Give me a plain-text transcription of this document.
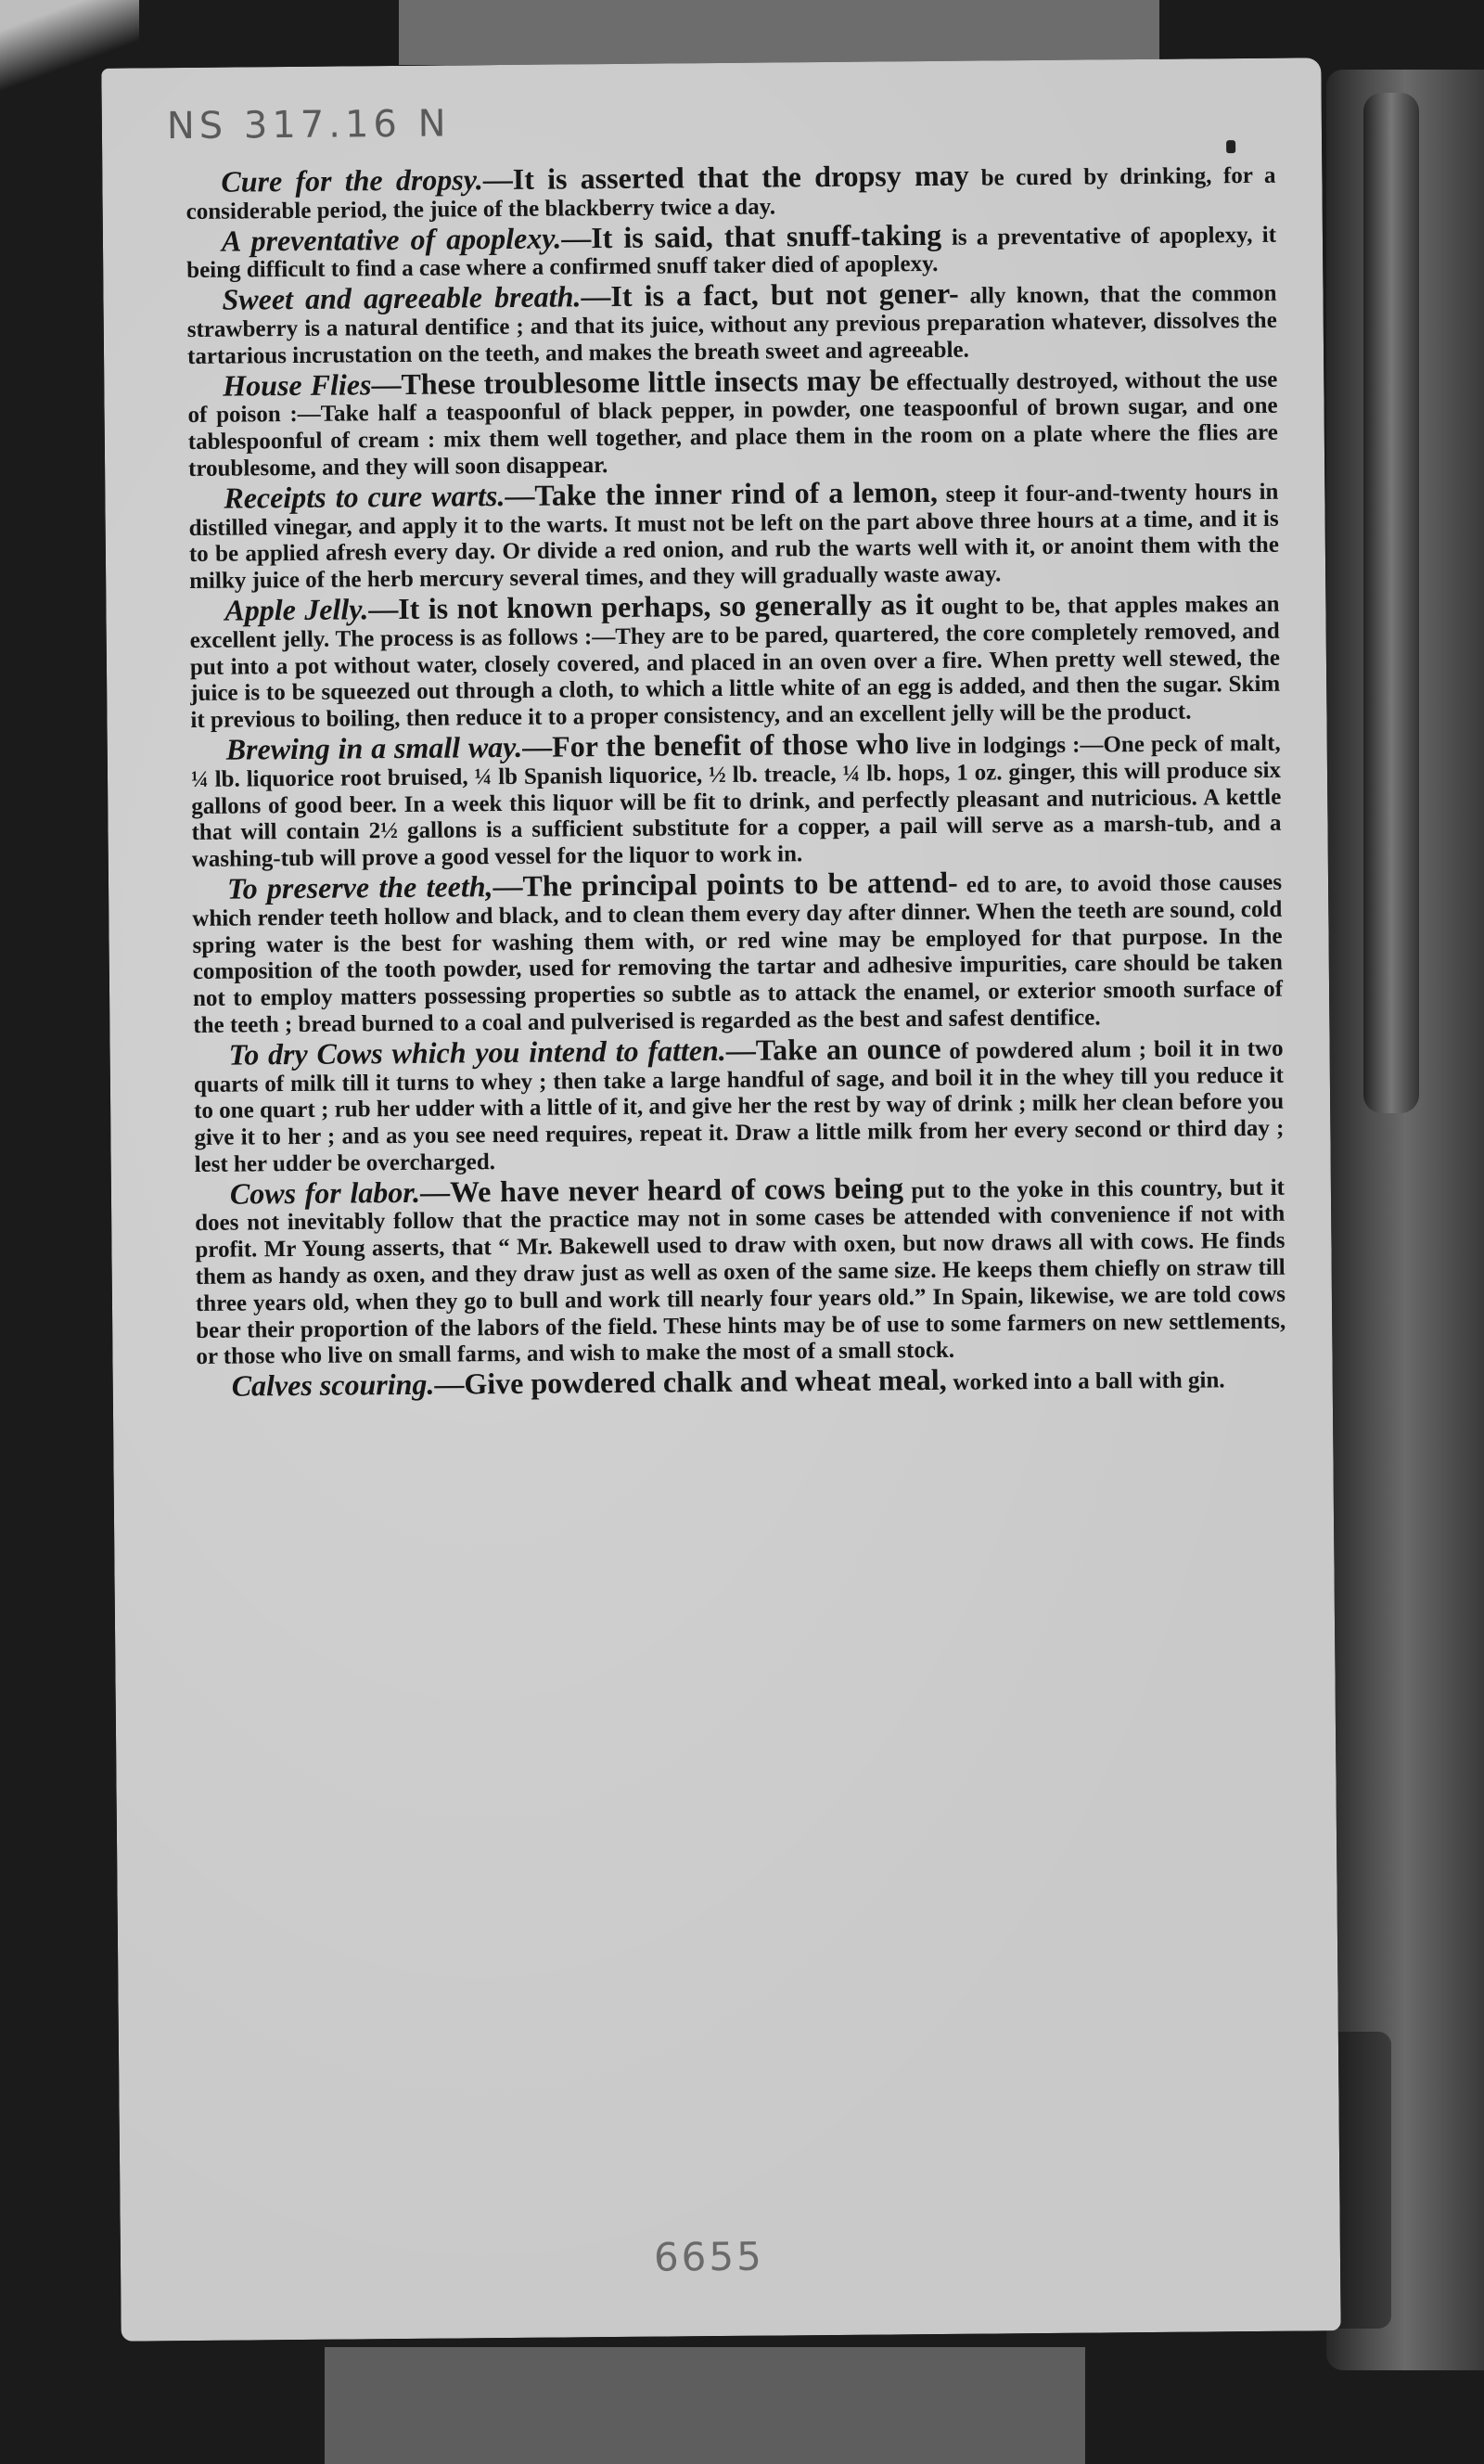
NS 317.16 N

Cure for the dropsy.—It is asserted that the dropsy may be cured by drinking, for a considerable period, the juice of the blackberry twice a day.

A preventative of apoplexy.—It is said, that snuff-taking is a preventative of apoplexy, it being difficult to find a case where a confirmed snuff taker died of apoplexy.

Sweet and agreeable breath.—It is a fact, but not gener- ally known, that the common strawberry is a natural dentifice ; and that its juice, without any previous preparation whatever, dissolves the tartarious incrustation on the teeth, and makes the breath sweet and agreeable.

House Flies—These troublesome little insects may be effectually destroyed, without the use of poison :—Take half a teaspoonful of black pepper, in powder, one teaspoonful of brown sugar, and one tablespoonful of cream : mix them well together, and place them in the room on a plate where the flies are troublesome, and they will soon disappear.

Receipts to cure warts.—Take the inner rind of a lemon, steep it four-and-twenty hours in distilled vinegar, and apply it to the warts. It must not be left on the part above three hours at a time, and it is to be applied afresh every day. Or divide a red onion, and rub the warts well with it, or anoint them with the milky juice of the herb mercury several times, and they will gradually waste away.

Apple Jelly.—It is not known perhaps, so generally as it ought to be, that apples makes an excellent jelly. The process is as follows :—They are to be pared, quartered, the core completely removed, and put into a pot without water, closely covered, and placed in an oven over a fire. When pretty well stewed, the juice is to be squeezed out through a cloth, to which a little white of an egg is added, and then the sugar. Skim it previous to boiling, then reduce it to a proper consistency, and an excellent jelly will be the product.

Brewing in a small way.—For the benefit of those who live in lodgings :—One peck of malt, ¼ lb. liquorice root bruised, ¼ lb Spanish liquorice, ½ lb. treacle, ¼ lb. hops, 1 oz. ginger, this will produce six gallons of good beer. In a week this liquor will be fit to drink, and perfectly pleasant and nutricious. A kettle that will contain 2½ gallons is a sufficient substitute for a copper, a pail will serve as a marsh-tub, and a washing-tub will prove a good vessel for the liquor to work in.

To preserve the teeth,—The principal points to be attend- ed to are, to avoid those causes which render teeth hollow and black, and to clean them every day after dinner. When the teeth are sound, cold spring water is the best for washing them with, or red wine may be employed for that purpose. In the composition of the tooth powder, used for removing the tartar and adhesive impurities, care should be taken not to employ matters possessing properties so subtle as to attack the enamel, or exterior smooth surface of the teeth ; bread burned to a coal and pulverised is regarded as the best and safest dentifice.

To dry Cows which you intend to fatten.—Take an ounce of powdered alum ; boil it in two quarts of milk till it turns to whey ; then take a large handful of sage, and boil it in the whey till you reduce it to one quart ; rub her udder with a little of it, and give her the rest by way of drink ; milk her clean before you give it to her ; and as you see need requires, repeat it. Draw a little milk from her every second or third day ; lest her udder be overcharged.

Cows for labor.—We have never heard of cows being put to the yoke in this country, but it does not inevitably follow that the practice may not in some cases be attended with convenience if not with profit. Mr Young asserts, that “ Mr. Bakewell used to draw with oxen, but now draws all with cows. He finds them as handy as oxen, and they draw just as well as oxen of the same size. He keeps them chiefly on straw till three years old, when they go to bull and work till nearly four years old.” In Spain, likewise, we are told cows bear their proportion of the labors of the field. These hints may be of use to some farmers on new settlements, or those who live on small farms, and wish to make the most of a small stock.

Calves scouring.—Give powdered chalk and wheat meal, worked into a ball with gin.

6655
